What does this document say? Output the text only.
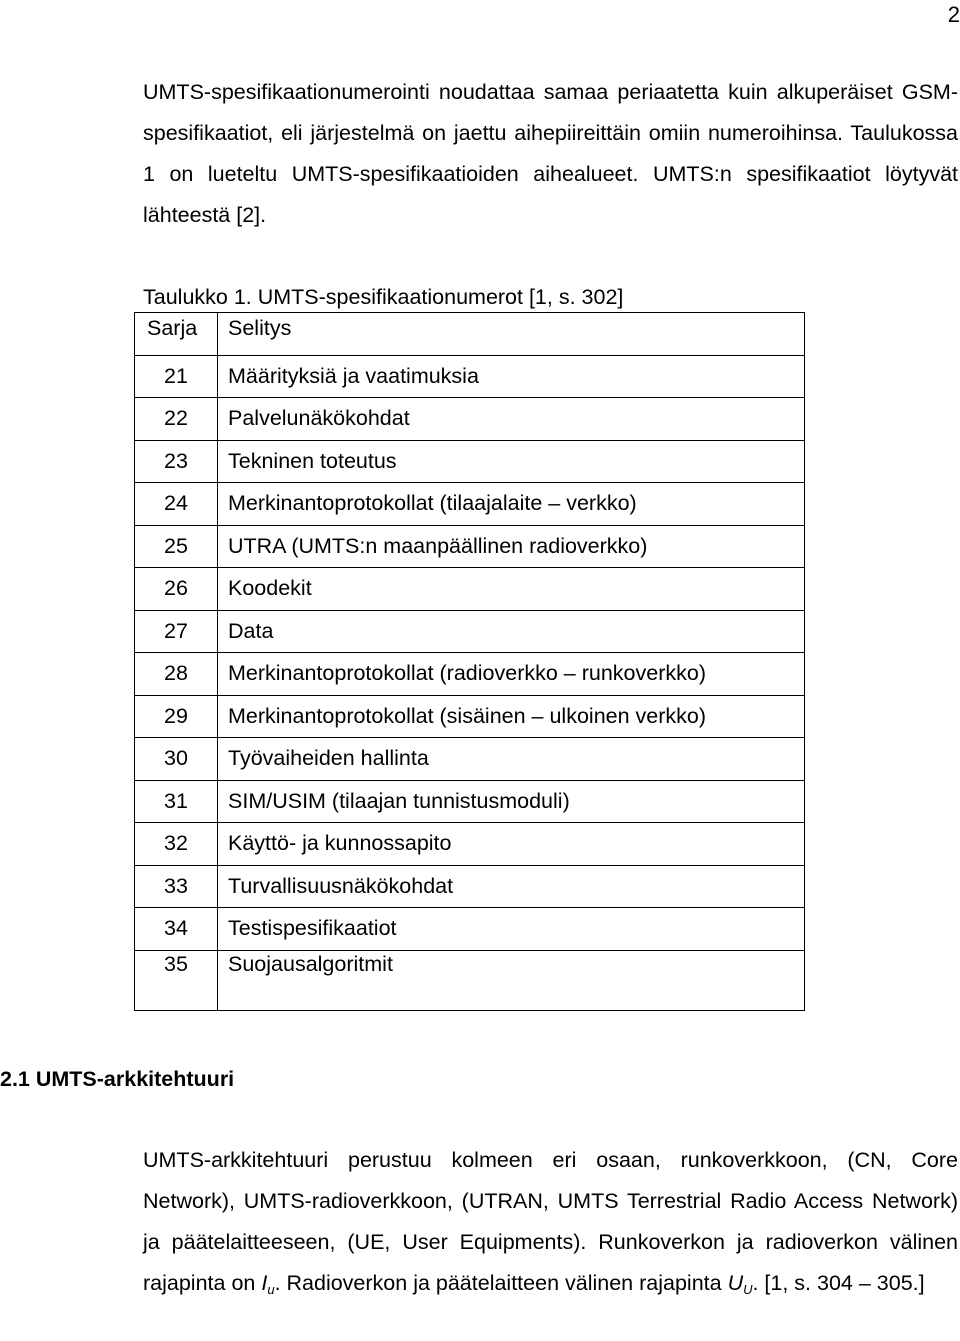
2

UMTS-spesifikaationumerointi noudattaa samaa periaatetta kuin alkuperäiset GSM-spesifikaatiot, eli järjestelmä on jaettu aihepiireittäin omiin numeroihinsa. Taulukossa 1 on lueteltu UMTS-spesifikaatioiden aihealueet. UMTS:n spesifikaatiot löytyvät lähteestä [2].

Taulukko 1. UMTS-spesifikaationumerot [1, s. 302]

Sarja	Selitys
21	Määrityksiä ja vaatimuksia
22	Palvelunäkökohdat
23	Tekninen toteutus
24	Merkinantoprotokollat (tilaajalaite – verkko)
25	UTRA (UMTS:n maanpäällinen radioverkko)
26	Koodekit
27	Data
28	Merkinantoprotokollat (radioverkko – runkoverkko)
29	Merkinantoprotokollat (sisäinen – ulkoinen verkko)
30	Työvaiheiden hallinta
31	SIM/USIM (tilaajan tunnistusmoduli)
32	Käyttö- ja kunnossapito
33	Turvallisuusnäkökohdat
34	Testispesifikaatiot
35	Suojausalgoritmit
2.1 UMTS-arkkitehtuuri

UMTS-arkkitehtuuri perustuu kolmeen eri osaan, runkoverkkoon, (CN, Core Network), UMTS-radioverkkoon, (UTRAN, UMTS Terrestrial Radio Access Network) ja päätelaitteeseen, (UE, User Equipments). Runkoverkon ja radioverkon välinen rajapinta on $I_u$. Radioverkon ja päätelaitteen välinen rajapinta $U_U$. [1, s. 304 – 305.]
